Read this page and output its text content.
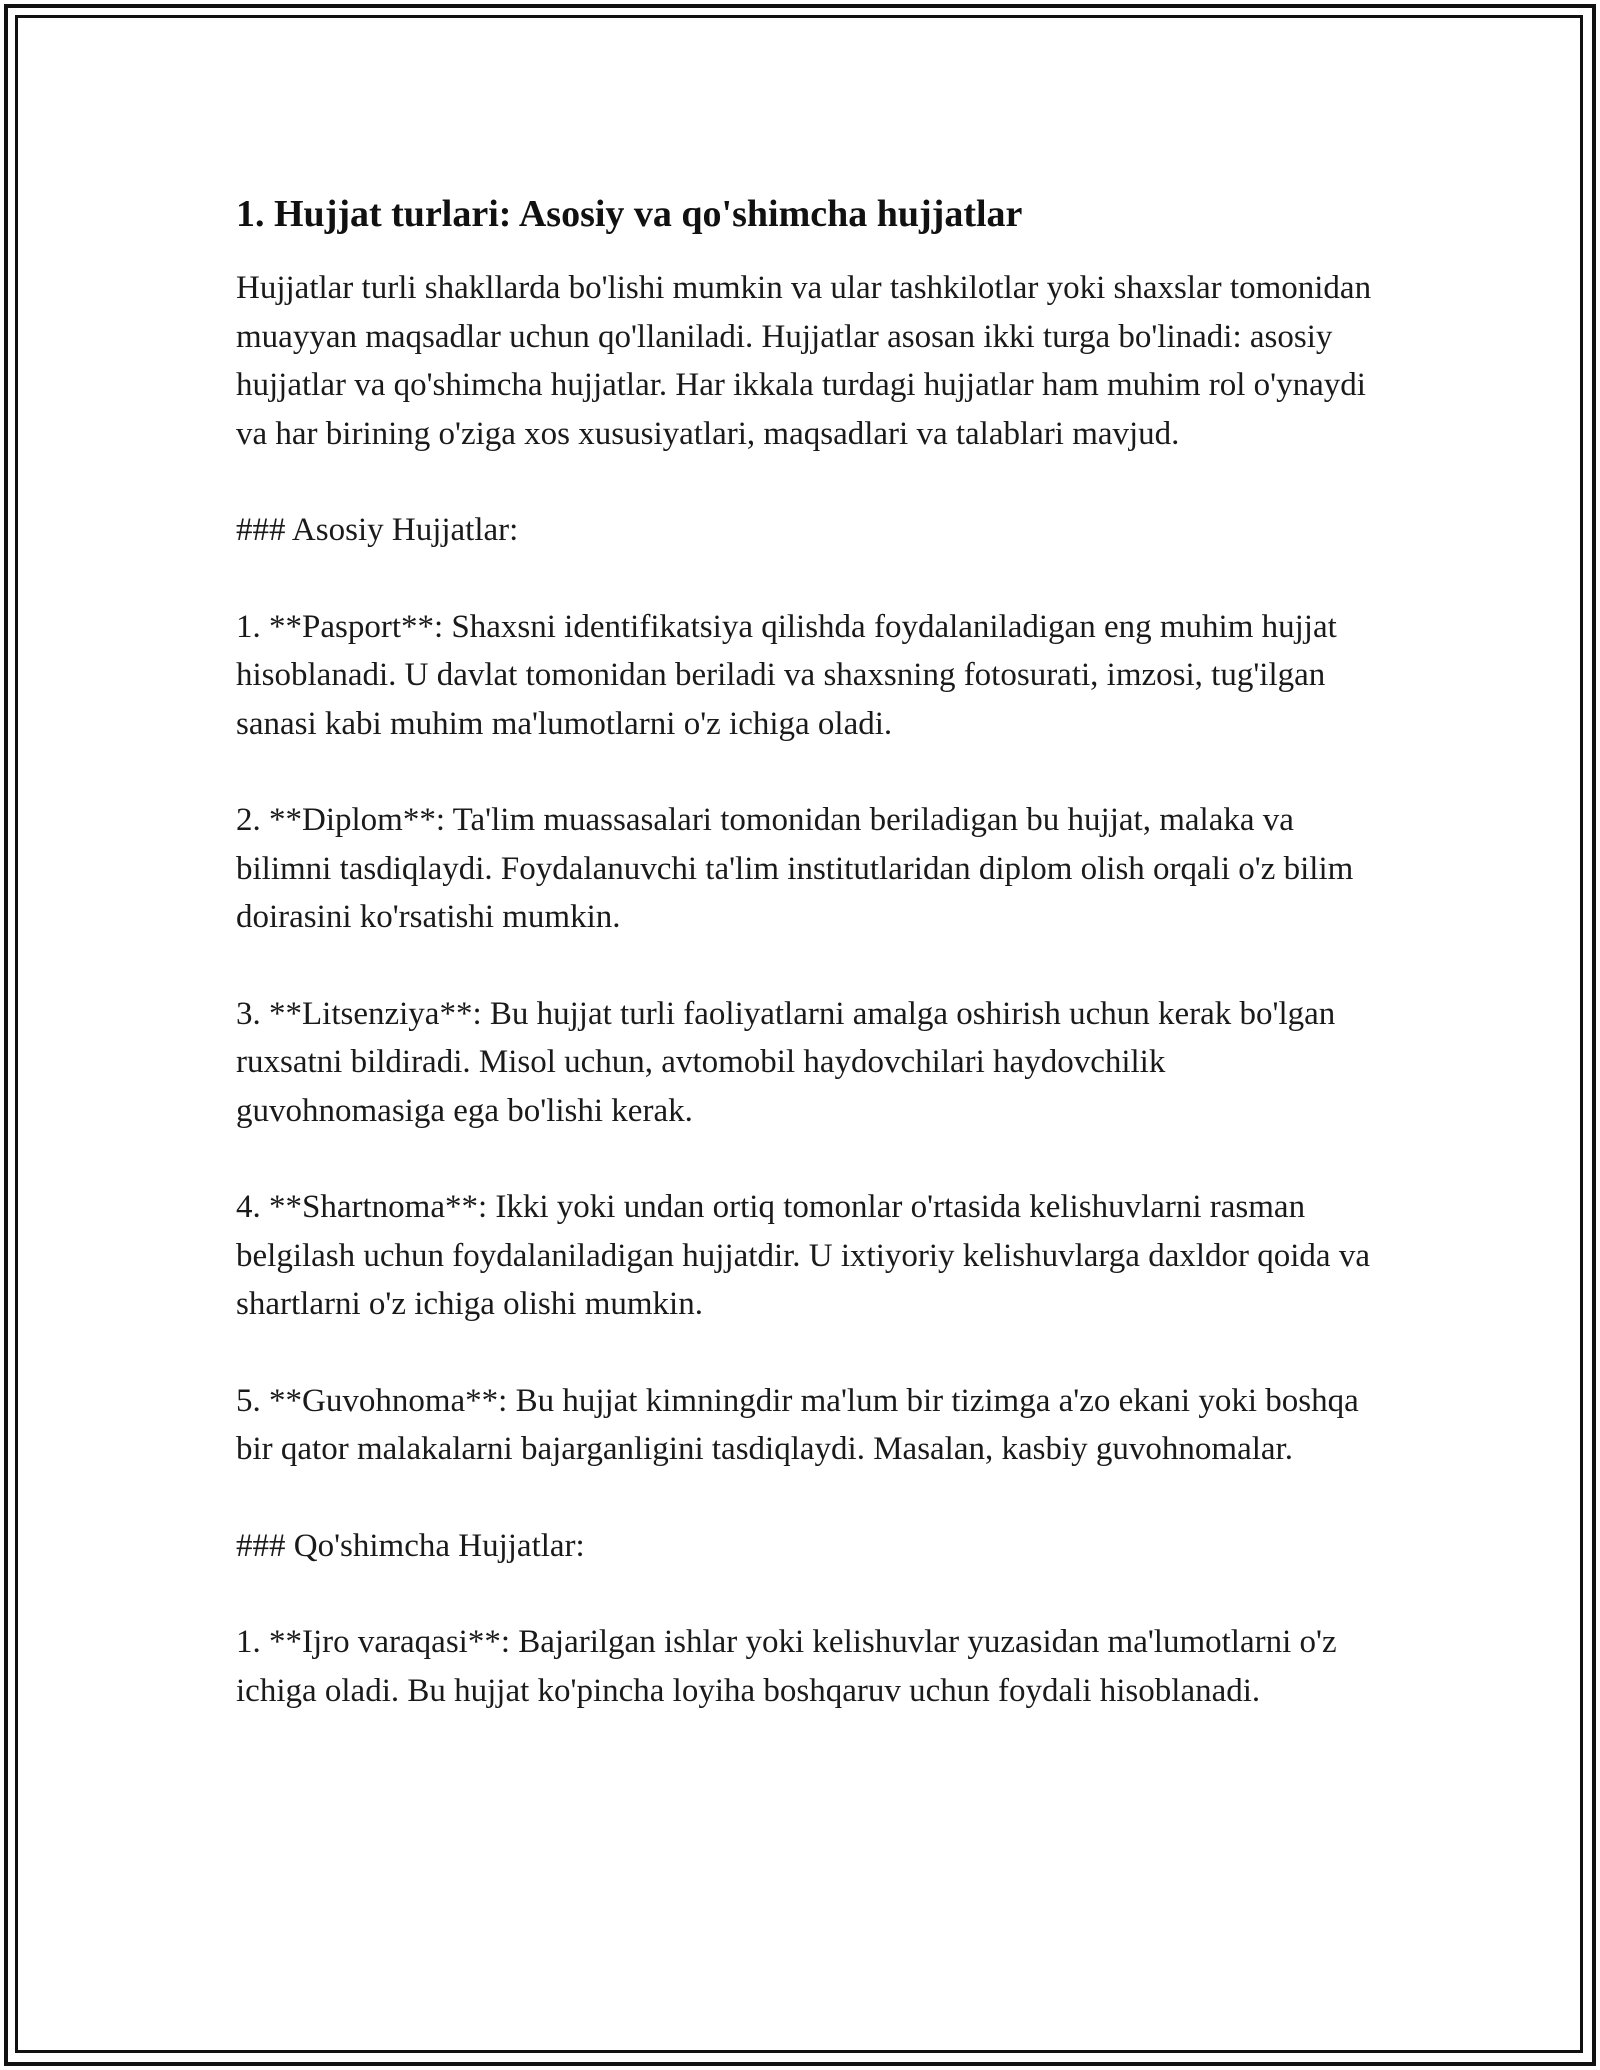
1. Hujjat turlari: Asosiy va qo'shimcha hujjatlar

Hujjatlar turli shakllarda bo'lishi mumkin va ular tashkilotlar yoki shaxslar tomonidan muayyan maqsadlar uchun qo'llaniladi. Hujjatlar asosan ikki turga bo'linadi: asosiy hujjatlar va qo'shimcha hujjatlar. Har ikkala turdagi hujjatlar ham muhim rol o'ynaydi va har birining o'ziga xos xususiyatlari, maqsadlari va talablari mavjud.

### Asosiy Hujjatlar:

1. **Pasport**: Shaxsni identifikatsiya qilishda foydalaniladigan eng muhim hujjat hisoblanadi. U davlat tomonidan beriladi va shaxsning fotosurati, imzosi, tug'ilgan sanasi kabi muhim ma'lumotlarni o'z ichiga oladi.

2. **Diplom**: Ta'lim muassasalari tomonidan beriladigan bu hujjat, malaka va bilimni tasdiqlaydi. Foydalanuvchi ta'lim institutlaridan diplom olish orqali o'z bilim doirasini ko'rsatishi mumkin.

3. **Litsenziya**: Bu hujjat turli faoliyatlarni amalga oshirish uchun kerak bo'lgan ruxsatni bildiradi. Misol uchun, avtomobil haydovchilari haydovchilik guvohnomasiga ega bo'lishi kerak.

4. **Shartnoma**: Ikki yoki undan ortiq tomonlar o'rtasida kelishuvlarni rasman belgilash uchun foydalaniladigan hujjatdir. U ixtiyoriy kelishuvlarga daxldor qoida va shartlarni o'z ichiga olishi mumkin.

5. **Guvohnoma**: Bu hujjat kimningdir ma'lum bir tizimga a'zo ekani yoki boshqa bir qator malakalarni bajarganligini tasdiqlaydi. Masalan, kasbiy guvohnomalar.

### Qo'shimcha Hujjatlar:

1. **Ijro varaqasi**: Bajarilgan ishlar yoki kelishuvlar yuzasidan ma'lumotlarni o'z ichiga oladi. Bu hujjat ko'pincha loyiha boshqaruv uchun foydali hisoblanadi.
